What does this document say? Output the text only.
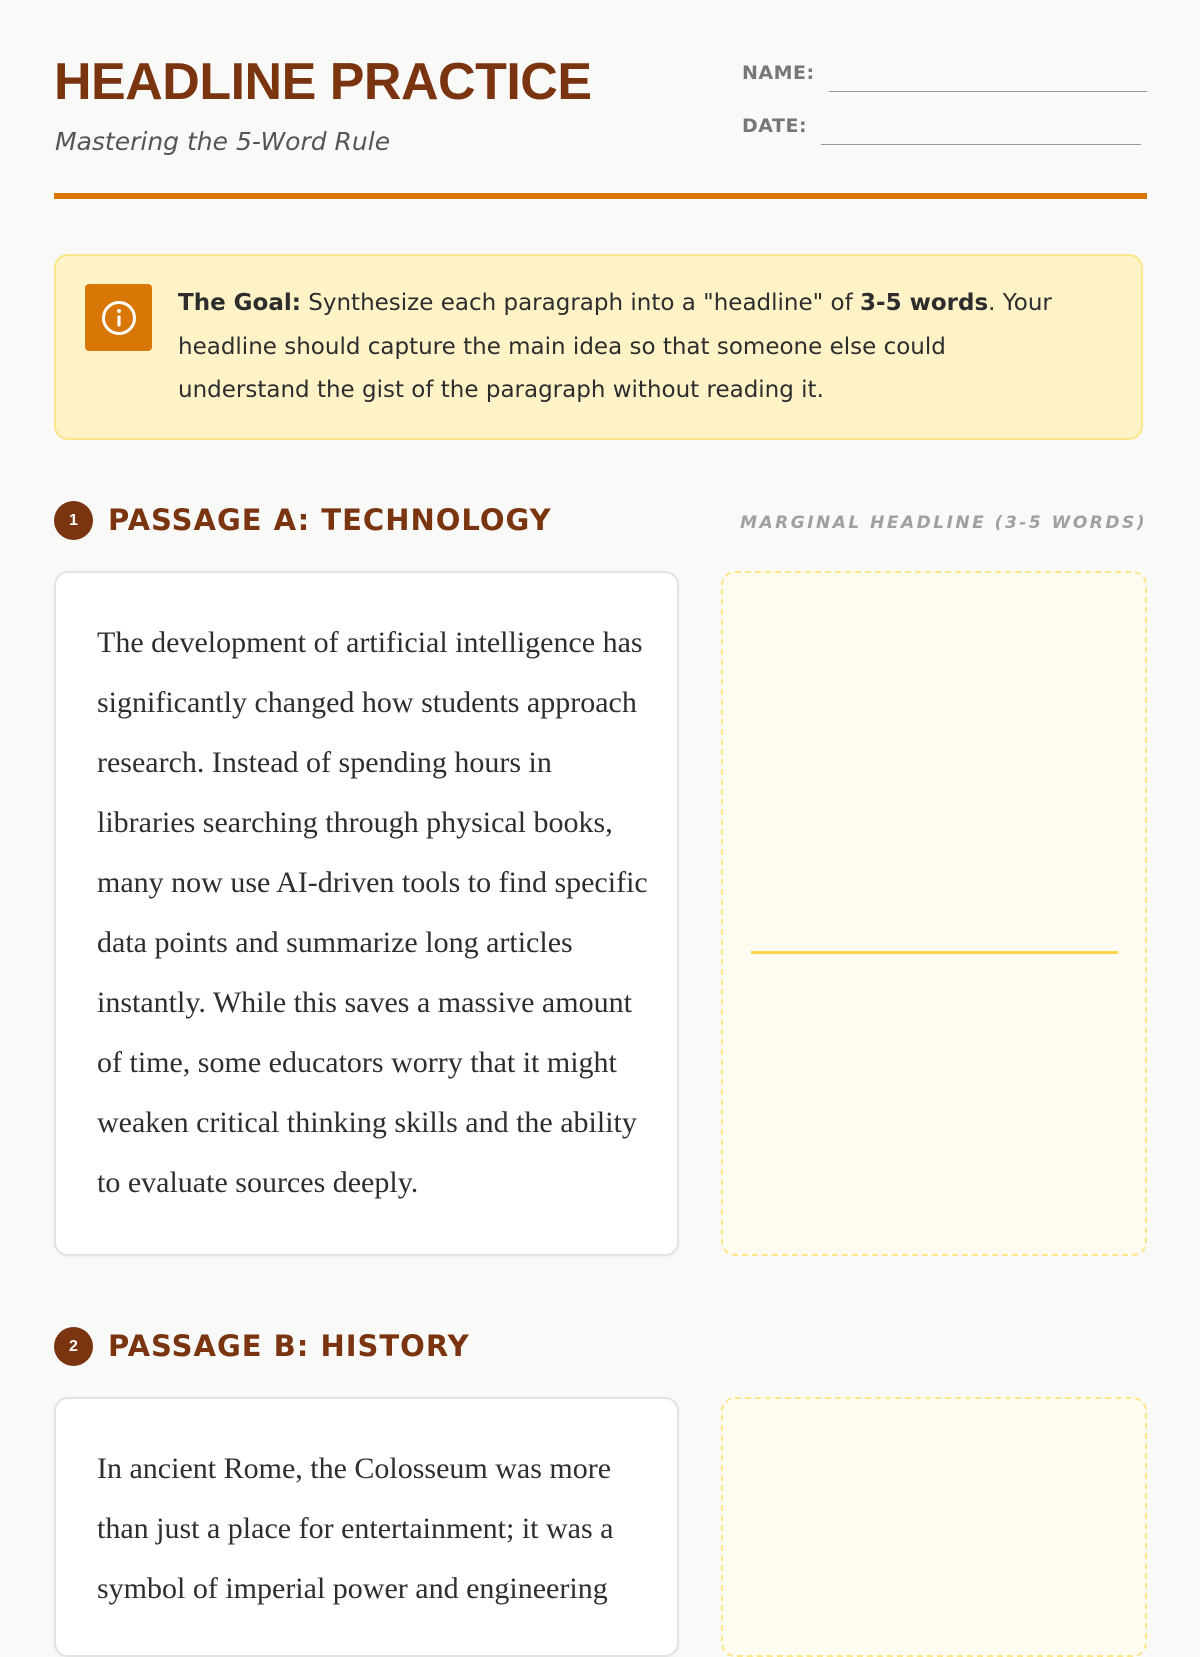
HEADLINE PRACTICE

Mastering the 5-Word Rule

NAME:
DATE:
The Goal: Synthesize each paragraph into a "headline" of 3-5 words. Your headline should capture the main idea so that someone else could understand the gist of the paragraph without reading it.
1	PASSAGE A: TECHNOLOGY	MARGINAL HEADLINE (3-5 WORDS)

The development of artificial intelligence has significantly changed how students approach research. Instead of spending hours in libraries searching through physical books, many now use AI-driven tools to find specific data points and summarize long articles instantly. While this saves a massive amount of time, some educators worry that it might weaken critical thinking skills and the ability to evaluate sources deeply.

2	PASSAGE B: HISTORY

In ancient Rome, the Colosseum was more than just a place for entertainment; it was a symbol of imperial power and engineering
